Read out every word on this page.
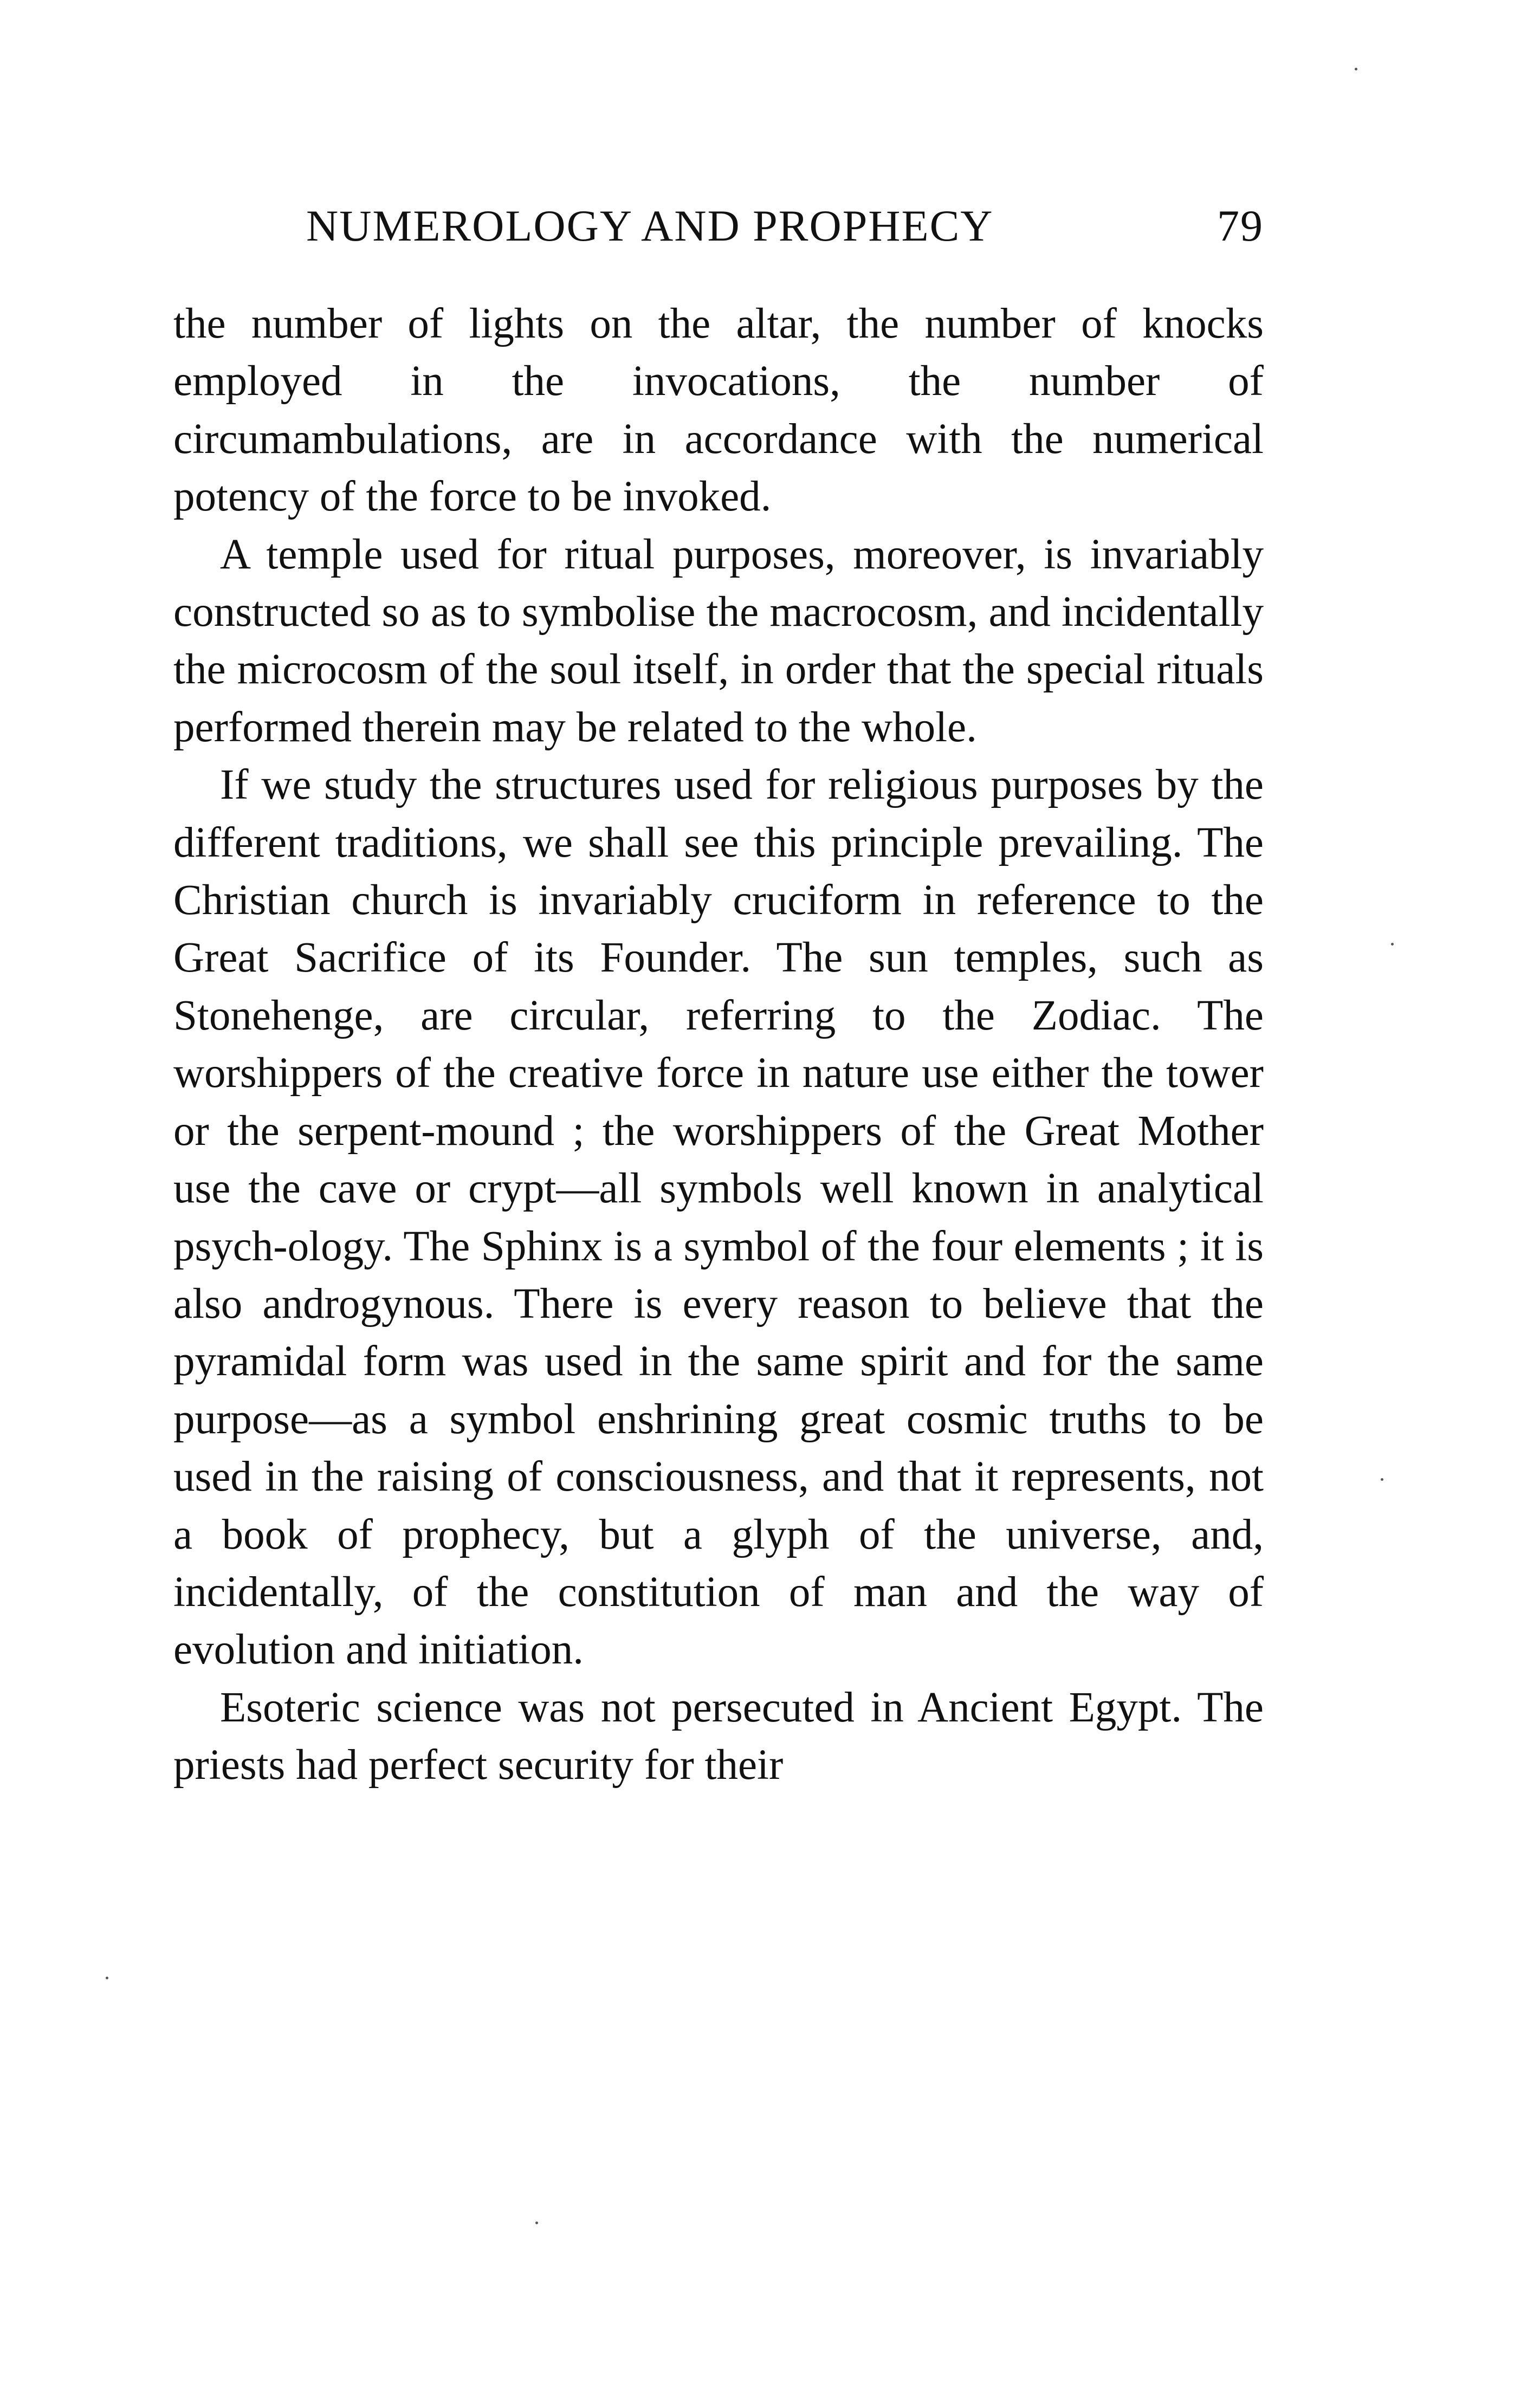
NUMEROLOGY AND PROPHECY	79

the number of lights on the altar, the number of knocks employed in the invocations, the number of circumambulations, are in accordance with the numerical potency of the force to be invoked.

A temple used for ritual purposes, moreover, is invariably constructed so as to symbolise the macrocosm, and incidentally the microcosm of the soul itself, in order that the special rituals performed therein may be related to the whole.

If we study the structures used for religious purposes by the different traditions, we shall see this principle prevailing. The Christian church is invariably cruciform in reference to the Great Sacrifice of its Founder. The sun temples, such as Stonehenge, are circular, referring to the Zodiac. The worshippers of the creative force in nature use either the tower or the serpent-mound ; the worshippers of the Great Mother use the cave or crypt—all symbols well known in analytical psych-ology. The Sphinx is a symbol of the four elements ; it is also androgynous. There is every reason to believe that the pyramidal form was used in the same spirit and for the same purpose—as a symbol enshrining great cosmic truths to be used in the raising of consciousness, and that it represents, not a book of prophecy, but a glyph of the universe, and, incidentally, of the constitution of man and the way of evolution and initiation.

Esoteric science was not persecuted in Ancient Egypt. The priests had perfect security for their
